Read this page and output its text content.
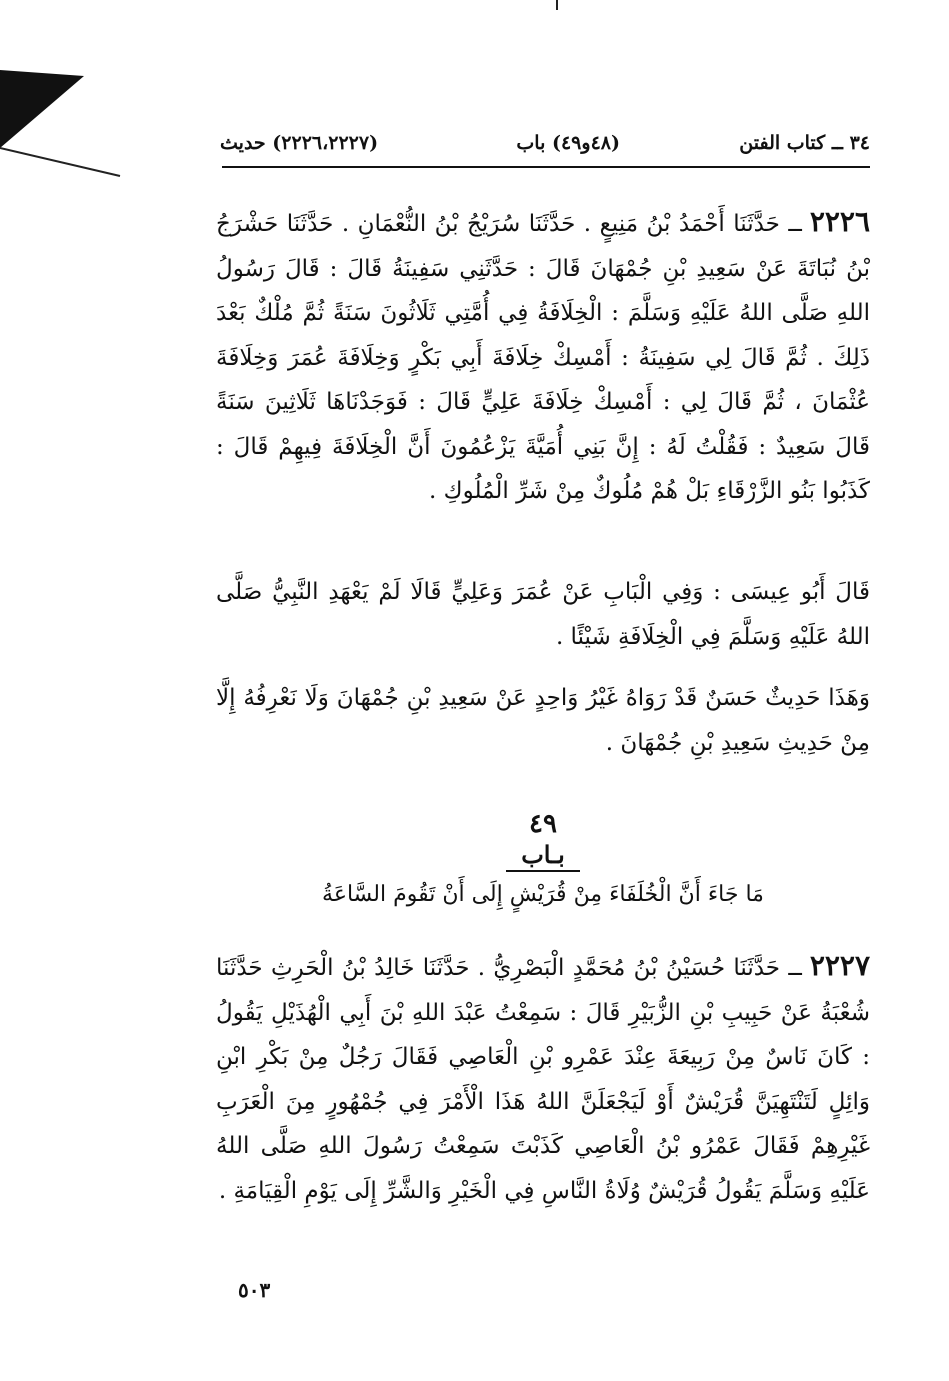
٣٤ ــ كتاب الفتن
(٤٨و٤٩) باب
(٢٢٢٦،٢٢٢٧) حديث

٢٢٢٦ــ حَدَّثَنَا أَحْمَدُ بْنُ مَنِيعٍ . حَدَّثَنَا سُرَيْجُ بْنُ النُّعْمَانِ . حَدَّثَنَا حَشْرَجُ بْنُ نُبَاتَةَ عَنْ سَعِيدِ بْنِ جُمْهَانَ قَالَ : حَدَّثَنِي سَفِينَةُ قَالَ : قَالَ رَسُولُ اللهِ صَلَّى اللهُ عَلَيْهِ وَسَلَّمَ : الْخِلَافَةُ فِي أُمَّتِي ثَلَاثُونَ سَنَةً ثُمَّ مُلْكٌ بَعْدَ ذَلِكَ . ثُمَّ قَالَ لِي سَفِينَةُ : أَمْسِكْ خِلَافَةَ أَبِي بَكْرٍ وَخِلَافَةَ عُمَرَ وَخِلَافَةَ عُثْمَانَ ، ثُمَّ قَالَ لِي : أَمْسِكْ خِلَافَةَ عَلِيٍّ قَالَ : فَوَجَدْنَاهَا ثَلَاثِينَ سَنَةً قَالَ سَعِيدٌ : فَقُلْتُ لَهُ : إِنَّ بَنِي أُمَيَّةَ يَزْعُمُونَ أَنَّ الْخِلَافَةَ فِيهِمْ قَالَ : كَذَبُوا بَنُو الزَّرْقَاءِ بَلْ هُمْ مُلُوكٌ مِنْ شَرِّ الْمُلُوكِ .

قَالَ أَبُو عِيسَى : وَفِي الْبَابِ عَنْ عُمَرَ وَعَلِيٍّ قَالَا لَمْ يَعْهَدِ النَّبِيُّ صَلَّى اللهُ عَلَيْهِ وَسَلَّمَ فِي الْخِلَافَةِ شَيْئًا .

وَهَذَا حَدِيثٌ حَسَنٌ قَدْ رَوَاهُ غَيْرُ وَاحِدٍ عَنْ سَعِيدِ بْنِ جُمْهَانَ وَلَا نَعْرِفُهُ إِلَّا مِنْ حَدِيثِ سَعِيدِ بْنِ جُمْهَانَ .

٤٩
بـاب
مَا جَاءَ أَنَّ الْخُلَفَاءَ مِنْ قُرَيْشٍ إِلَى أَنْ تَقُومَ السَّاعَةُ

٢٢٢٧ــ حَدَّثَنَا حُسَيْنُ بْنُ مُحَمَّدٍ الْبَصْرِيُّ . حَدَّثَنَا خَالِدُ بْنُ الْحَرِثِ حَدَّثَنَا شُعْبَةُ عَنْ حَبِيبِ بْنِ الزُّبَيْرِ قَالَ : سَمِعْتُ عَبْدَ اللهِ بْنَ أَبِي الْهُذَيْلِ يَقُولُ : كَانَ نَاسٌ مِنْ رَبِيعَةَ عِنْدَ عَمْرِو بْنِ الْعَاصِي فَقَالَ رَجُلٌ مِنْ بَكْرِ ابْنِ وَائِلٍ لَتَنْتَهِيَنَّ قُرَيْشٌ أَوْ لَيَجْعَلَنَّ اللهُ هَذَا الْأَمْرَ فِي جُمْهُورٍ مِنَ الْعَرَبِ غَيْرِهِمْ فَقَالَ عَمْرُو بْنُ الْعَاصِي كَذَبْتَ سَمِعْتُ رَسُولَ اللهِ صَلَّى اللهُ عَلَيْهِ وَسَلَّمَ يَقُولُ قُرَيْشٌ وُلَاةُ النَّاسِ فِي الْخَيْرِ وَالشَّرِّ إِلَى يَوْمِ الْقِيَامَةِ .

٥٠٣
